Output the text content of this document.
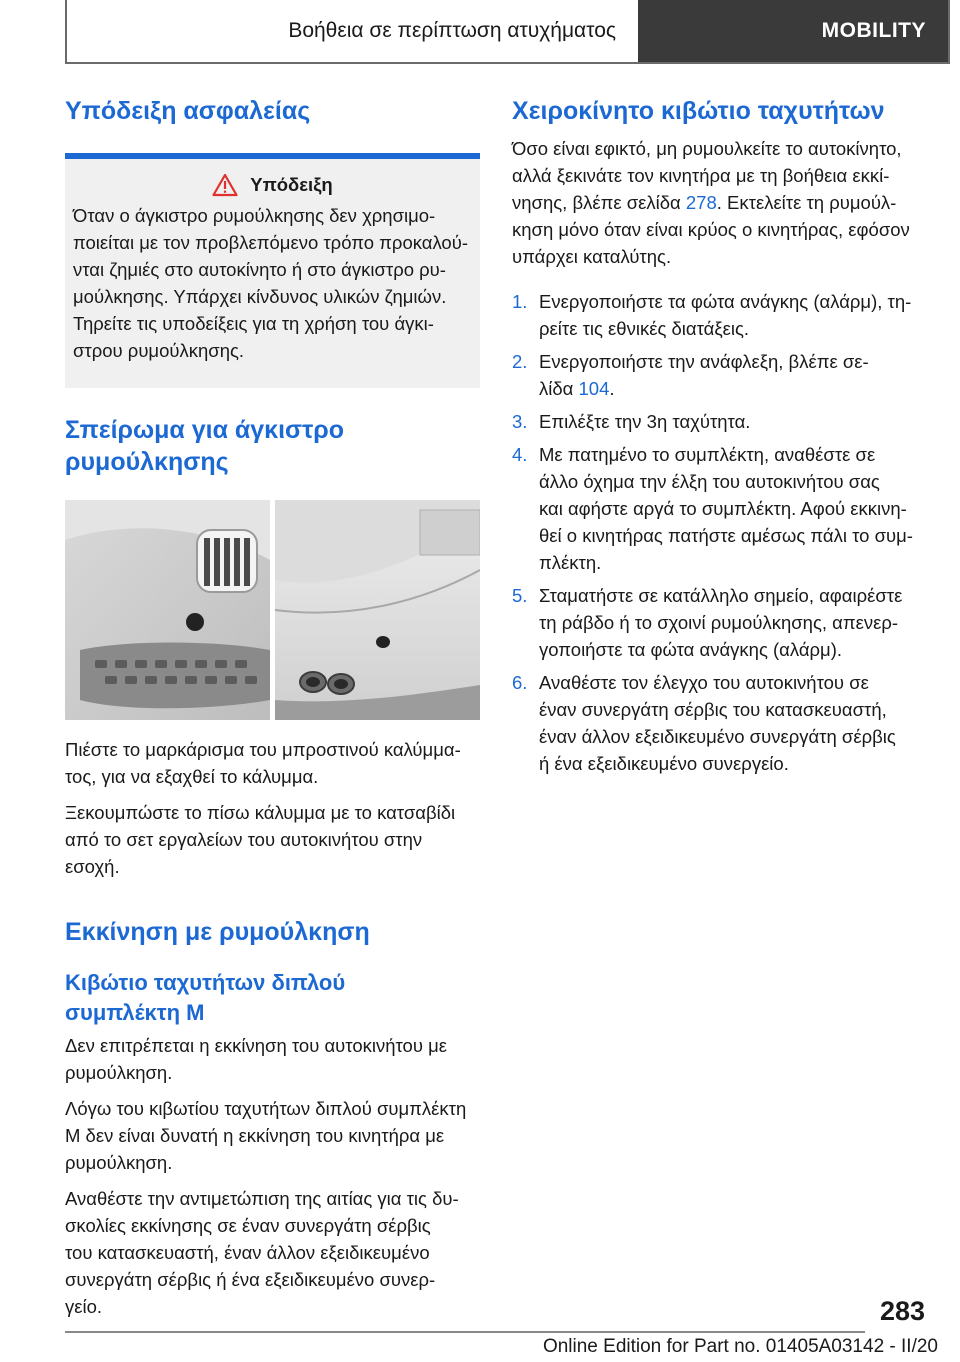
Βοήθεια σε περίπτωση ατυχήματος	MOBILITY
Υπόδειξη ασφαλείας
Υπόδειξη

Όταν ο άγκιστρο ρυμούλκησης δεν χρησιμο-

ποιείται με τον προβλεπόμενο τρόπο προκαλού-

νται ζημιές στο αυτοκίνητο ή στο άγκιστρο ρυ-

μούλκησης. Υπάρχει κίνδυνος υλικών ζημιών.

Τηρείτε τις υποδείξεις για τη χρήση του άγκι-

στρου ρυμούλκησης.

Σπείρωμα για άγκιστρο
ρυμούλκησης

Πιέστε το μαρκάρισμα του μπροστινού καλύμμα-

τος, για να εξαχθεί το κάλυμμα.

Ξεκουμπώστε το πίσω κάλυμμα με το κατσαβίδι

από το σετ εργαλείων του αυτοκινήτου στην

εσοχή.

Εκκίνηση με ρυμούλκηση
Κιβώτιο ταχυτήτων διπλού
συμπλέκτη M

Δεν επιτρέπεται η εκκίνηση του αυτοκινήτου με

ρυμούλκηση.

Λόγω του κιβωτίου ταχυτήτων διπλού συμπλέκτη

M δεν είναι δυνατή η εκκίνηση του κινητήρα με

ρυμούλκηση.

Αναθέστε την αντιμετώπιση της αιτίας για τις δυ-

σκολίες εκκίνησης σε έναν συνεργάτη σέρβις

του κατασκευαστή, έναν άλλον εξειδικευμένο

συνεργάτη σέρβις ή ένα εξειδικευμένο συνερ-

γείο.

Χειροκίνητο κιβώτιο ταχυτήτων

Όσο είναι εφικτό, μη ρυμουλκείτε το αυτοκίνητο,

αλλά ξεκινάτε τον κινητήρα με τη βοήθεια εκκί-

νησης, βλέπε σελίδα 278. Εκτελείτε τη ρυμούλ-

κηση μόνο όταν είναι κρύος ο κινητήρας, εφόσον

υπάρχει καταλύτης.

1. Ενεργοποιήστε τα φώτα ανάγκης (αλάρμ), τη-
ρείτε τις εθνικές διατάξεις.
2. Ενεργοποιήστε την ανάφλεξη, βλέπε σε-
λίδα 104.
3. Επιλέξτε την 3η ταχύτητα.
4. Με πατημένο το συμπλέκτη, αναθέστε σε
άλλο όχημα την έλξη του αυτοκινήτου σας
και αφήστε αργά το συμπλέκτη. Αφού εκκινη-
θεί ο κινητήρας πατήστε αμέσως πάλι το συμ-
πλέκτη.
5. Σταματήστε σε κατάλληλο σημείο, αφαιρέστε
τη ράβδο ή το σχοινί ρυμούλκησης, απενερ-
γοποιήστε τα φώτα ανάγκης (αλάρμ).
6. Αναθέστε τον έλεγχο του αυτοκινήτου σε
έναν συνεργάτη σέρβις του κατασκευαστή,
έναν άλλον εξειδικευμένο συνεργάτη σέρβις
ή ένα εξειδικευμένο συνεργείο.
283
Online Edition for Part no. 01405A03142 - II/20
